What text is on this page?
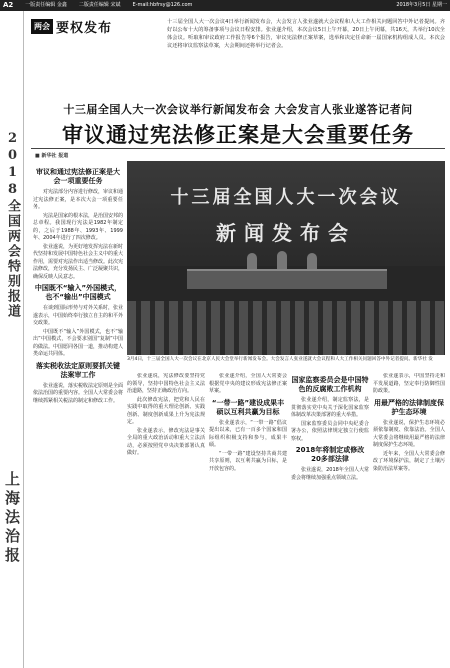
A2 一版责任编辑 金鑫 二版责任编辑 宋斌 E-mail:hbfrsy@126.com	2018年3月5日 星期一
2018全国两会特别报道
上海法治报
两会 要权发布	十三届全国人大一次会议4日举行新闻发布会，大会发言人张业遂就大会议程和人大工作相关问题回答中外记者提问。齐好以公布十大的筹备事项与会议日程安排。张业遂介绍，本次会议5日上午开幕，20日上午闭幕，共16天，共举行10次全体会议。听取和审议政府工作报告等6个报告，审议宪法修正案草案，选举和决定任命新一届国家机构组成人员。本次会议还将审议监察法草案，大会期间还将举行记者会。
十三届全国人大一次会议举行新闻发布会 大会发言人张业遂答记者问
审议通过宪法修正案是大会重要任务
■ 新华社 报道
审议和通过宪法修正案是大会一项重要任务

对宪法部分内容进行修改，审议和通过宪法修正案，是本次大会一项重要任务。

宪法是国家的根本法，是治国安邦的总章程。我国现行宪法是1982年制定的，之后于1988年、1993年、1999年、2004年进行了四次修改。

张业遂说，为更好地发挥宪法在新时代坚持和发展中国特色社会主义中的重大作用，需要对宪法作出适当修改。此次宪法修改，充分发扬民主、广泛凝聚共识，确保反映人民意志。

中国既不“输入”外国模式，也不“输出”中国模式

在谈到国际形势与对外关系时，张业遂表示，中国始终奉行独立自主的和平外交政策。

中国既不“输入”外国模式，也不“输出”中国模式，不会要求别国“复制”中国的做法。中国愿同各国一道，推动构建人类命运共同体。

落实税收法定原则要抓关键法案审工作

张业遂说，落实税收法定原则是全面依法治国的重要内容。全国人大常委会将继续抓紧相关税法的制定和修改工作。

十三届全国人大一次会议
新闻发布会
3月4日，十三届全国人大一次会议在北京人民大会堂举行新闻发布会。大会发言人张业遂就大会议程和人大工作相关问题回答中外记者提问。新华社 发

张业遂说，宪法修改要坚持党的领导，坚持中国特色社会主义法治道路，坚持正确政治方向。

此次修改宪法，把党和人民在实践中取得的重大理论创新、实践创新、制度创新成果上升为宪法规定。

张业遂表示，修改宪法是事关全局的重大政治活动和重大立法活动，必须按照党中央决策部署认真做好。

张业遂介绍，全国人大常委会根据党中央的建议形成宪法修正案草案。

“一带一路”建设成果丰硕以互利共赢为目标

张业遂表示，“一带一路”倡议提出以来，已有一百多个国家和国际组织积极支持和参与，成果丰硕。

“一带一路”建设坚持共商共建共享原则，以互利共赢为目标，是开放包容的。

国家监察委员会是中国特色的反腐败工作机构

张业遂介绍，制定监察法，是贯彻落实党中央关于深化国家监察体制改革决策部署的重大举措。

国家监察委员会同中央纪委合署办公，依照法律规定独立行使监察权。

2018年将制定或修改20多部法律

张业遂说，2018年全国人大常委会将继续加强重点领域立法。

张业遂表示，中国坚持走和平发展道路，坚定奉行防御性国防政策。

用最严格的法律制度保护生态环境

张业遂说，保护生态环境必须依靠制度、依靠法治。全国人大常委会将继续用最严格的法律制度保护生态环境。

近年来，全国人大常委会修改了环境保护法，制定了土壤污染防治法草案等。
